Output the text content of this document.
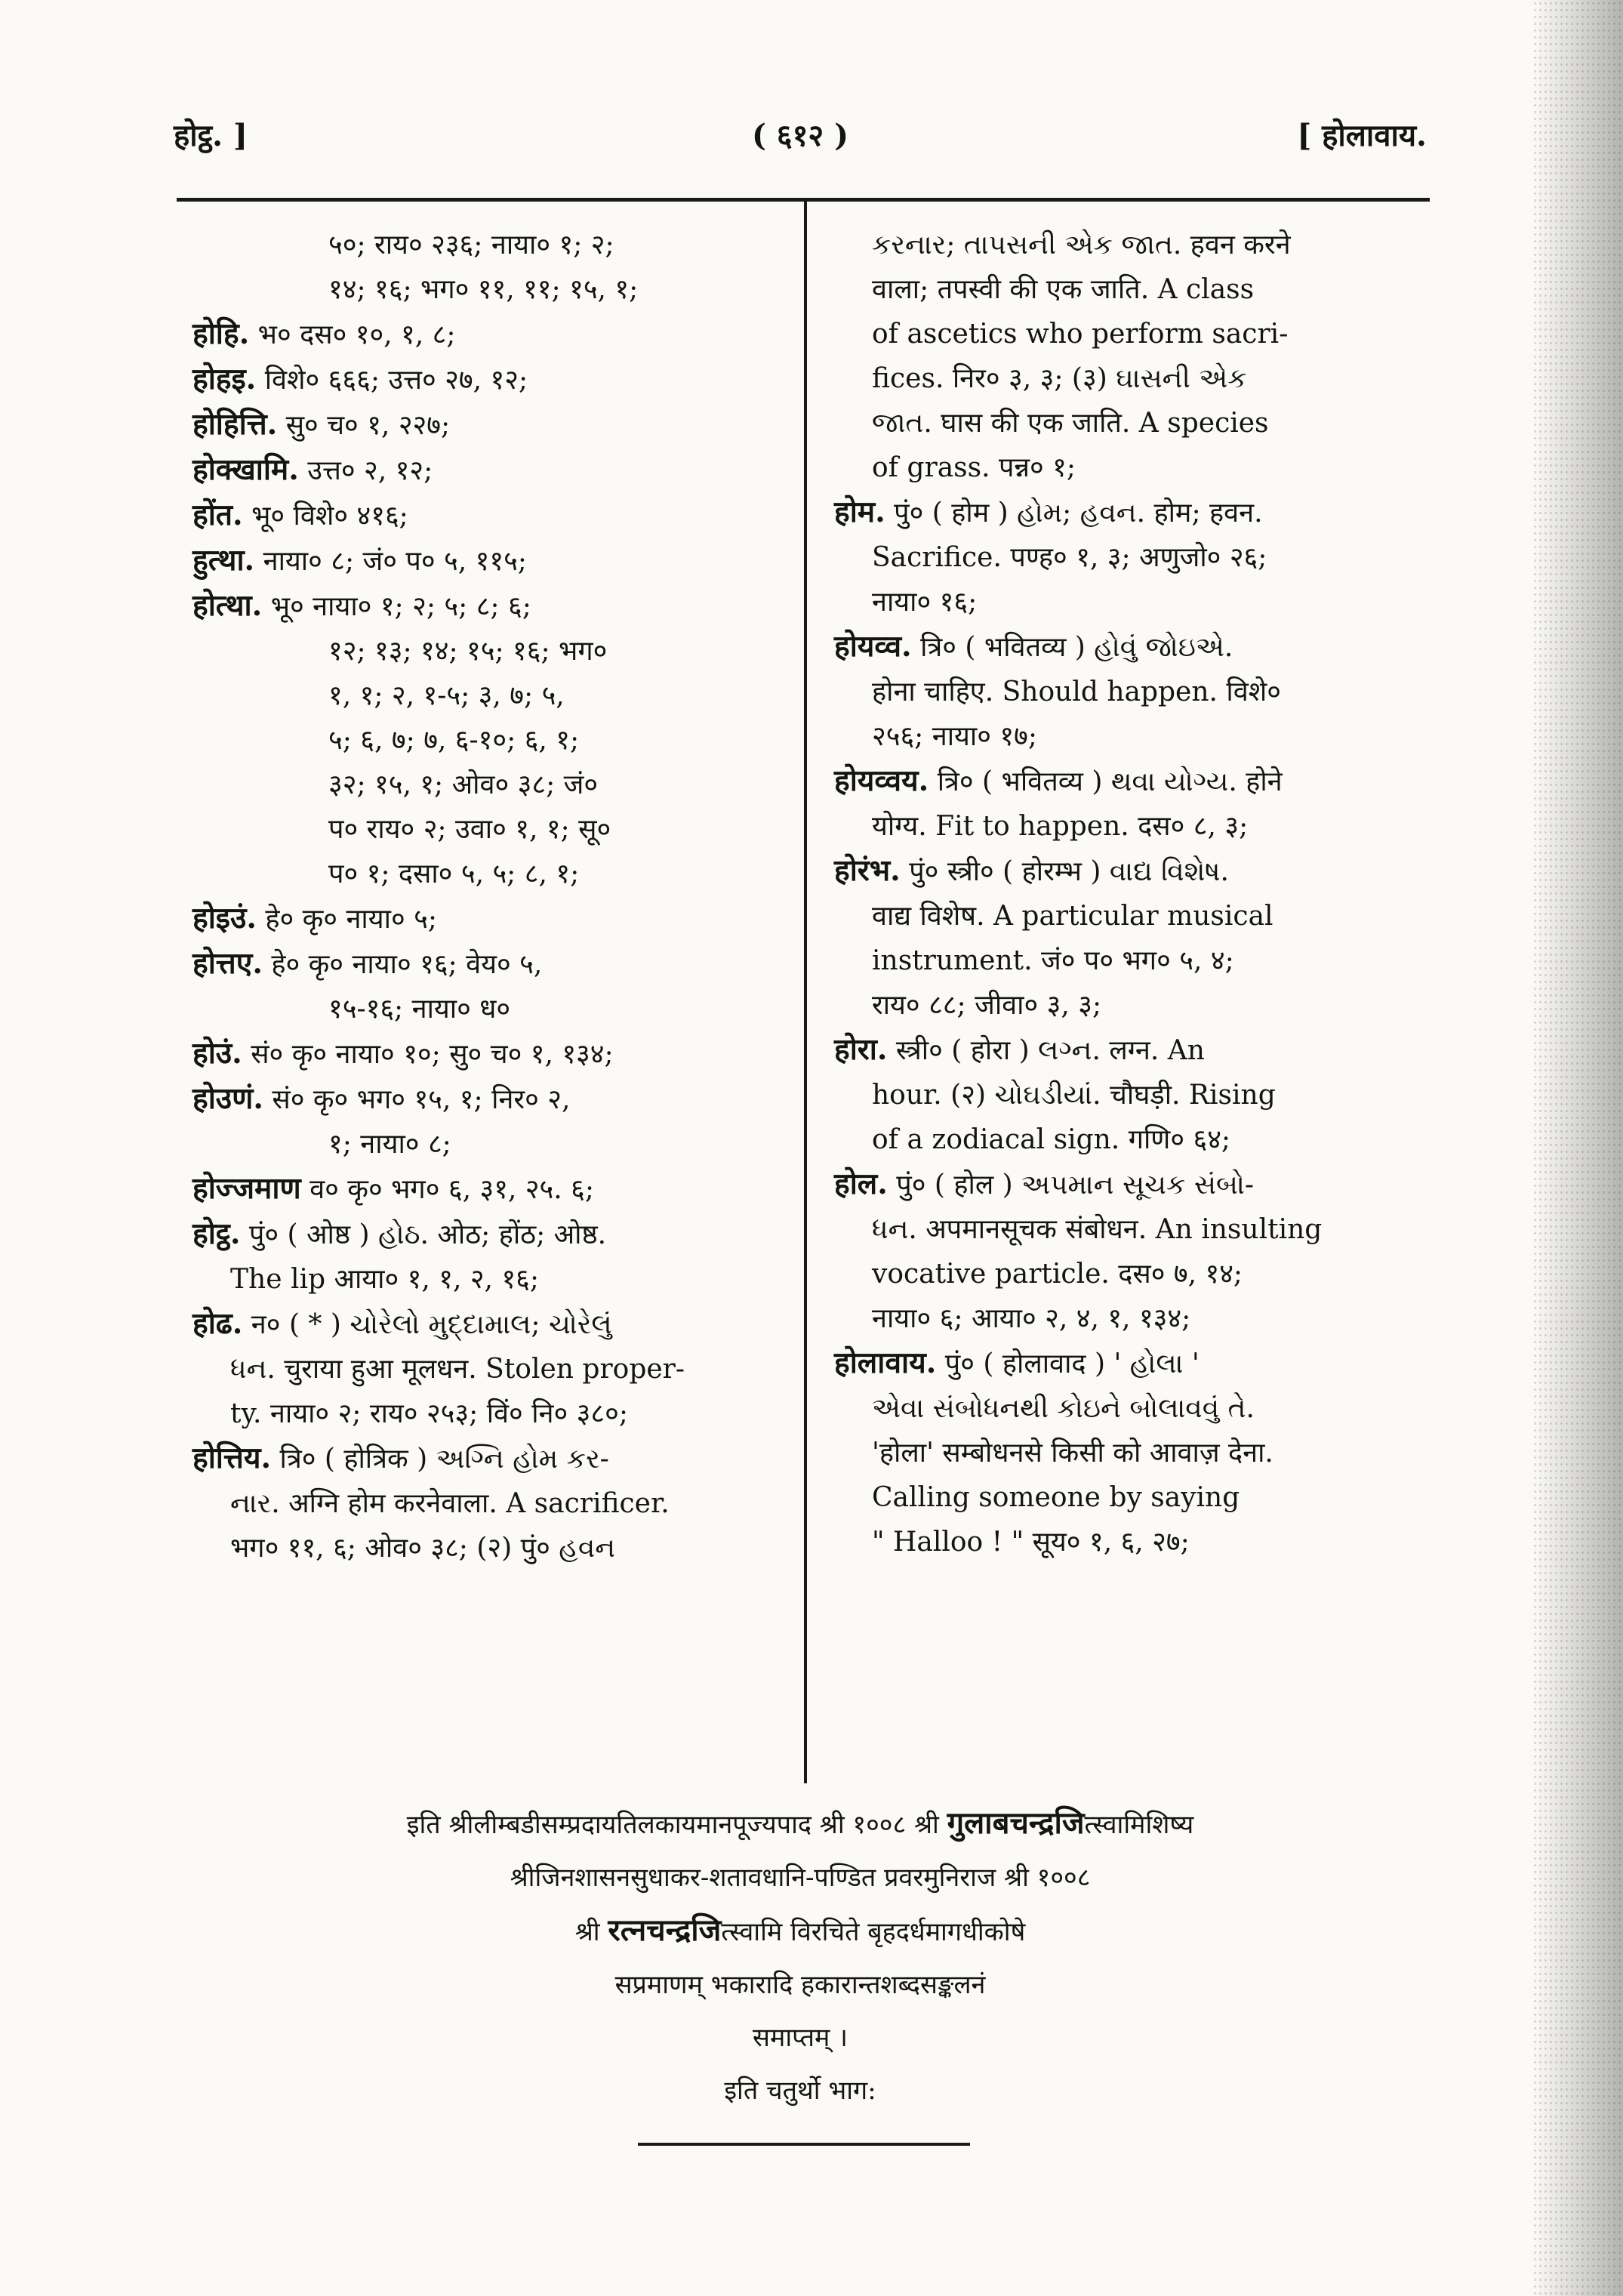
होट्ठ. ]	( ६१२ )	[ होलावाय.
५०; राय० २३६; नाया० १; २;
१४; १६; भग० ११, ११; १५, १;
होहि. भ० दस० १०, १, ८;
होहइ. विशे० ६६६; उत्त० २७, १२;
होहित्ति. सु० च० १, २२७;
होक्खामि. उत्त० २, १२;
होंत. भू० विशे० ४१६;
हुत्था. नाया० ८; जं० प० ५, ११५;
होत्था. भू० नाया० १; २; ५; ८; ६;
१२; १३; १४; १५; १६; भग०
१, १; २, १-५; ३, ७; ५,
५; ६, ७; ७, ६-१०; ६, १;
३२; १५, १; ओव० ३८; जं०
प० राय० २; उवा० १, १; सू०
प० १; दसा० ५, ५; ८, १;
होइउं. हे० कृ० नाया० ५;
होत्तए. हे० कृ० नाया० १६; वेय० ५,
१५-१६; नाया० ध०
होउं. सं० कृ० नाया० १०; सु० च० १, १३४;
होउणं. सं० कृ० भग० १५, १; निर० २,
१; नाया० ८;
होज्जमाण व० कृ० भग० ६, ३१, २५. ६;
होट्ठ. पुं० ( ओष्ठ ) હોઠ. ओठ; होंठ; ओष्ठ.
The lip आया० १, १, २, १६;
होढ. न० ( * ) ચોરેલો મુદ્દામાલ; ચોરેલું
ધન. चुराया हुआ मूलधन. Stolen proper-
ty. नाया० २; राय० २५३; विं० नि० ३८०;
होत्तिय. त्रि० ( होत्रिक ) અગ્નિ હોમ કર-
નાર. अग्नि होम करनेवाला. A sacrificer.
भग० ११, ६; ओव० ३८; (२) पुं० હવન
કરનાર; તાપસની એક જાત. हवन करने
वाला; तपस्वी की एक जाति. A class
of ascetics who perform sacri-
fices. निर० ३, ३; (३) ઘાસની એક
જાત. घास की एक जाति. A species
of grass. पन्न० १;
होम. पुं० ( होम ) હોમ; હવન. होम; हवन.
Sacrifice. पण्ह० १, ३; अणुजो० २६;
नाया० १६;
होयव्व. त्रि० ( भवितव्य ) હોવું જોઇએ.
होना चाहिए. Should happen. विशे०
२५६; नाया० १७;
होयव्वय. त्रि० ( भवितव्य ) થવા યોગ્ય. होने
योग्य. Fit to happen. दस० ८, ३;
होरंभ. पुं० स्त्री० ( होरम्भ ) વાદ્ય વિશેષ.
वाद्य विशेष. A particular musical
instrument. जं० प० भग० ५, ४;
राय० ८८; जीवा० ३, ३;
होरा. स्त्री० ( होरा ) લગ્ન. लग्न. An
hour. (२) ચોઘડીયાં. चौघड़ी. Rising
of a zodiacal sign. गणि० ६४;
होल. पुं० ( होल ) અપમાન સૂચક સંબો-
ધન. अपमानसूचक संबोधन. An insulting
vocative particle. दस० ७, १४;
नाया० ६; आया० २, ४, १, १३४;
होलावाय. पुं० ( होलावाद ) ' હોલા '
એવા સંબોધનથી કોઇને બોલાવવું તે.
'होला' सम्बोधनसे किसी को आवाज़ देना.
Calling someone by saying
" Halloo ! " सूय० १, ६, २७;
इति श्रीलीम्बडीसम्प्रदायतिलकायमानपूज्यपाद श्री १००८ श्री गुलाबचन्द्रजित्स्वामिशिष्य
श्रीजिनशासनसुधाकर-शतावधानि-पण्डित प्रवरमुनिराज श्री १००८
श्री रत्नचन्द्रजित्स्वामि विरचिते बृहदर्धमागधीकोषे
सप्रमाणम् भकारादि हकारान्तशब्दसङ्कलनं
समाप्तम् ।
इति चतुर्थो भाग:
